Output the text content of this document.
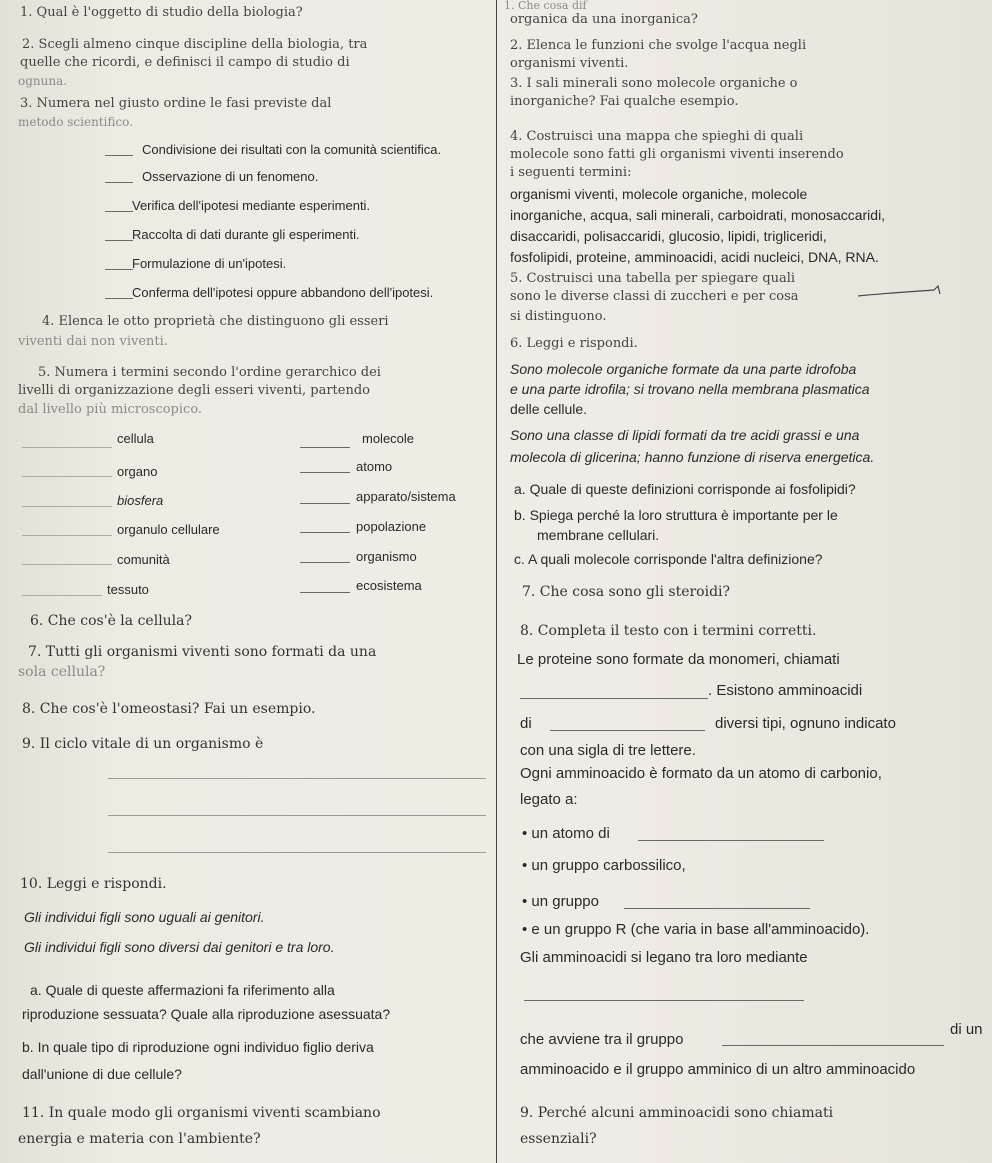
1. Qual è l'oggetto di studio della biologia?
2. Scegli almeno cinque discipline della biologia, tra
quelle che ricordi, e definisci il campo di studio di
ognuna.
3. Numera nel giusto ordine le fasi previste dal
metodo scientifico.
Condivisione dei risultati con la comunità scientifica.
Osservazione di un fenomeno.
Verifica dell'ipotesi mediante esperimenti.
Raccolta di dati durante gli esperimenti.
Formulazione di un'ipotesi.
Conferma dell'ipotesi oppure abbandono dell'ipotesi.
4. Elenca le otto proprietà che distinguono gli esseri
viventi dai non viventi.
5. Numera i termini secondo l'ordine gerarchico dei
livelli di organizzazione degli esseri viventi, partendo
dal livello più microscopico.
cellula	molecole
organo	atomo
biosfera	apparato/sistema
organulo cellulare	popolazione
comunità	organismo
tessuto	ecosistema
6. Che cos'è la cellula?
7. Tutti gli organismi viventi sono formati da una
sola cellula?
8. Che cos'è l'omeostasi? Fai un esempio.
9. Il ciclo vitale di un organismo è
10. Leggi e rispondi.
Gli individui figli sono uguali ai genitori.
Gli individui figli sono diversi dai genitori e tra loro.
a. Quale di queste affermazioni fa riferimento alla
riproduzione sessuata? Quale alla riproduzione asessuata?
b. In quale tipo di riproduzione ogni individuo figlio deriva
dall'unione di due cellule?
11. In quale modo gli organismi viventi scambiano
energia e materia con l'ambiente?
1. Che cosa dif
organica da una inorganica?
2. Elenca le funzioni che svolge l'acqua negli
organismi viventi.
3. I sali minerali sono molecole organiche o
inorganiche? Fai qualche esempio.
4. Costruisci una mappa che spieghi di quali
molecole sono fatti gli organismi viventi inserendo
i seguenti termini:
organismi viventi, molecole organiche, molecole
inorganiche, acqua, sali minerali, carboidrati, monosaccaridi,
disaccaridi, polisaccaridi, glucosio, lipidi, trigliceridi,
fosfolipidi, proteine, amminoacidi, acidi nucleici, DNA, RNA.
5. Costruisci una tabella per spiegare quali
sono le diverse classi di zuccheri e per cosa
si distinguono.
6. Leggi e rispondi.
Sono molecole organiche formate da una parte idrofoba
e una parte idrofila; si trovano nella membrana plasmatica
delle cellule.
Sono una classe di lipidi formati da tre acidi grassi e una
molecola di glicerina; hanno funzione di riserva energetica.
a. Quale di queste definizioni corrisponde ai fosfolipidi?
b. Spiega perché la loro struttura è importante per le
membrane cellulari.
c. A quali molecole corrisponde l'altra definizione?
7. Che cosa sono gli steroidi?
8. Completa il testo con i termini corretti.
Le proteine sono formate da monomeri, chiamati
. Esistono amminoacidi
di	diversi tipi, ognuno indicato
con una sigla di tre lettere.
Ogni amminoacido è formato da un atomo di carbonio,
legato a:
• un atomo di
• un gruppo carbossilico,
• un gruppo
• e un gruppo R (che varia in base all'amminoacido).
Gli amminoacidi si legano tra loro mediante
che avviene tra il gruppo
di un
amminoacido e il gruppo amminico di un altro amminoacido
9. Perché alcuni amminoacidi sono chiamati
essenziali?
